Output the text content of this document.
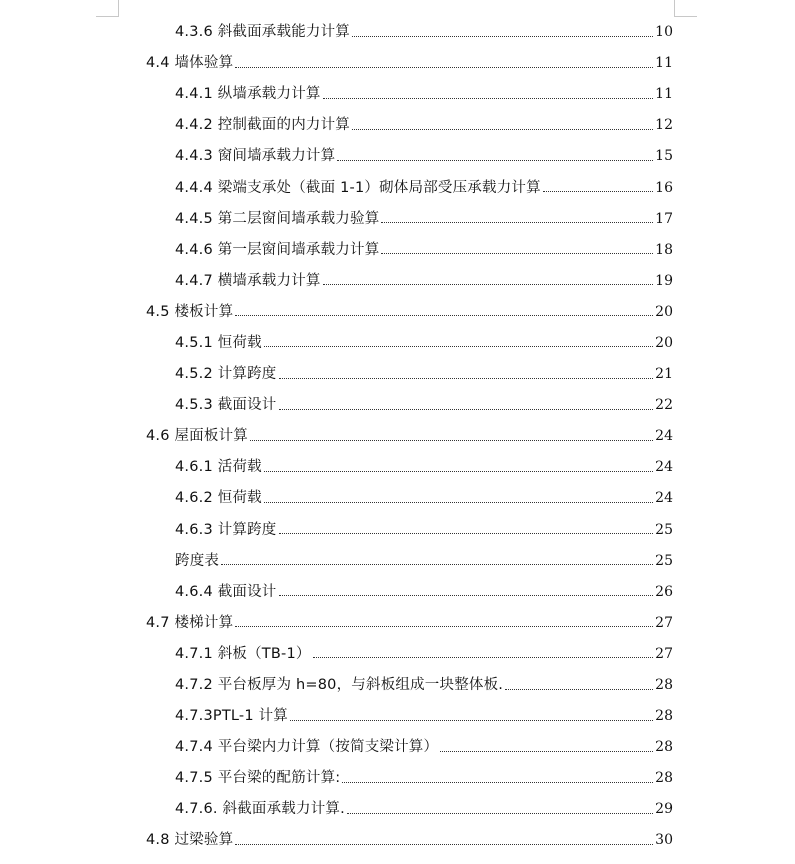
4.3.6 斜截面承载能力计算	10
4.4 墙体验算	11
4.4.1 纵墙承载力计算	11
4.4.2 控制截面的内力计算	12
4.4.3 窗间墙承载力计算	15
4.4.4 梁端支承处（截面 1-1）砌体局部受压承载力计算	16
4.4.5 第二层窗间墙承载力验算	17
4.4.6 第一层窗间墙承载力计算	18
4.4.7 横墙承载力计算	19
4.5 楼板计算	20
4.5.1 恒荷载	20
4.5.2 计算跨度	21
4.5.3 截面设计	22
4.6 屋面板计算	24
4.6.1 活荷载	24
4.6.2 恒荷载	24
4.6.3 计算跨度	25
跨度表	25
4.6.4 截面设计	26
4.7 楼梯计算	27
4.7.1 斜板（TB-1）	27
4.7.2 平台板厚为 h=80，与斜板组成一块整体板.	28
4.7.3PTL-1 计算	28
4.7.4 平台梁内力计算（按简支梁计算）	28
4.7.5 平台梁的配筋计算:	28
4.7.6. 斜截面承载力计算.	29
4.8 过梁验算	30
